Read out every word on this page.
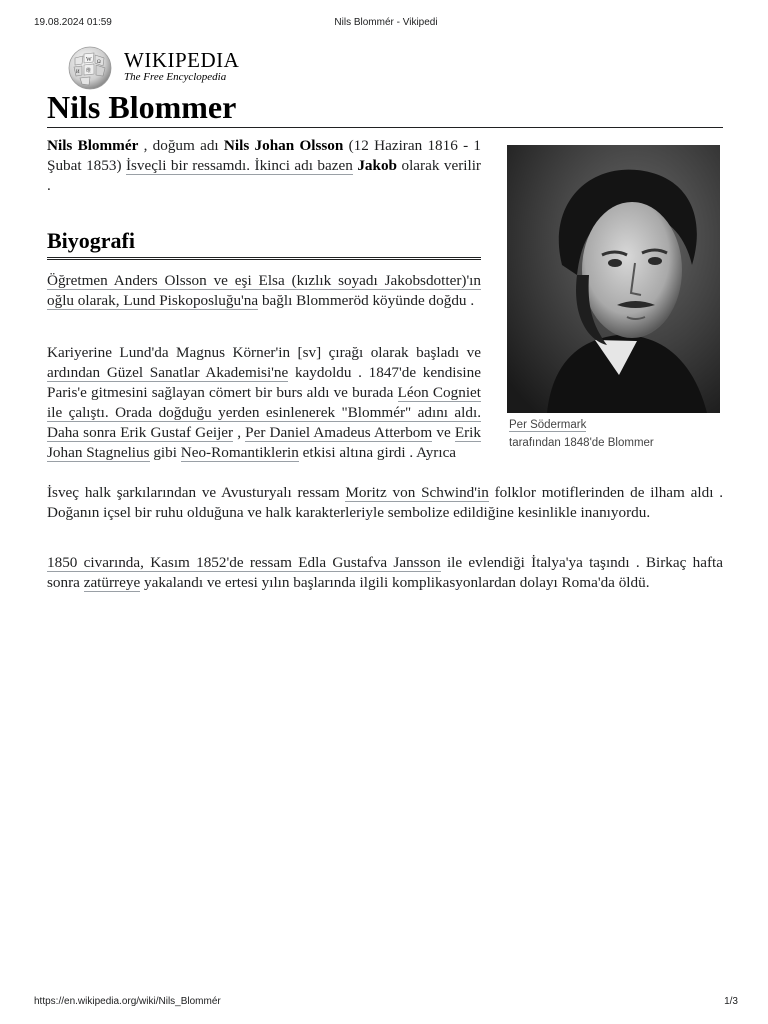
Nils Blommér - Vikipedi
19.08.2024 01:59
W Ω
维
И
WIKIPEDIA
The Free Encyclopedia
Nils Blommer

Nils Blommér , doğum adı Nils Johan Olsson (12 Haziran 1816 - 1 Şubat 1853) İsveçli bir ressamdı. İkinci adı bazen Jakob olarak verilir .

Biyografi

Öğretmen Anders Olsson ve eşi Elsa (kızlık soyadı Jakobsdotter)'ın oğlu olarak, Lund Piskoposluğu'na bağlı Blommeröd köyünde doğdu .

Kariyerine Lund'da Magnus Körner'in [sv] çırağı olarak başladı ve ardından Güzel Sanatlar Akademisi'ne kaydoldu . 1847'de kendisine Paris'e gitmesini sağlayan cömert bir burs aldı ve burada Léon Cogniet ile çalıştı. Orada doğduğu yerden esinlenerek "Blommér" adını aldı. Daha sonra Erik Gustaf Geijer , Per Daniel Amadeus Atterbom ve Erik Johan Stagnelius gibi Neo-Romantiklerin etkisi altına girdi . Ayrıca

İsveç halk şarkılarından ve Avusturyalı ressam Moritz von Schwind'in folklor motiflerinden de ilham aldı . Doğanın içsel bir ruhu olduğuna ve halk karakterleriyle sembolize edildiğine kesinlikle inanıyordu.

1850 civarında, Kasım 1852'de ressam Edla Gustafva Jansson ile evlendiği İtalya'ya taşındı . Birkaç hafta sonra zatürreye yakalandı ve ertesi yılın başlarında ilgili komplikasyonlardan dolayı Roma'da öldü.

Per Södermark
tarafından 1848'de Blommer
https://en.wikipedia.org/wiki/Nils_Blommér	1/3
